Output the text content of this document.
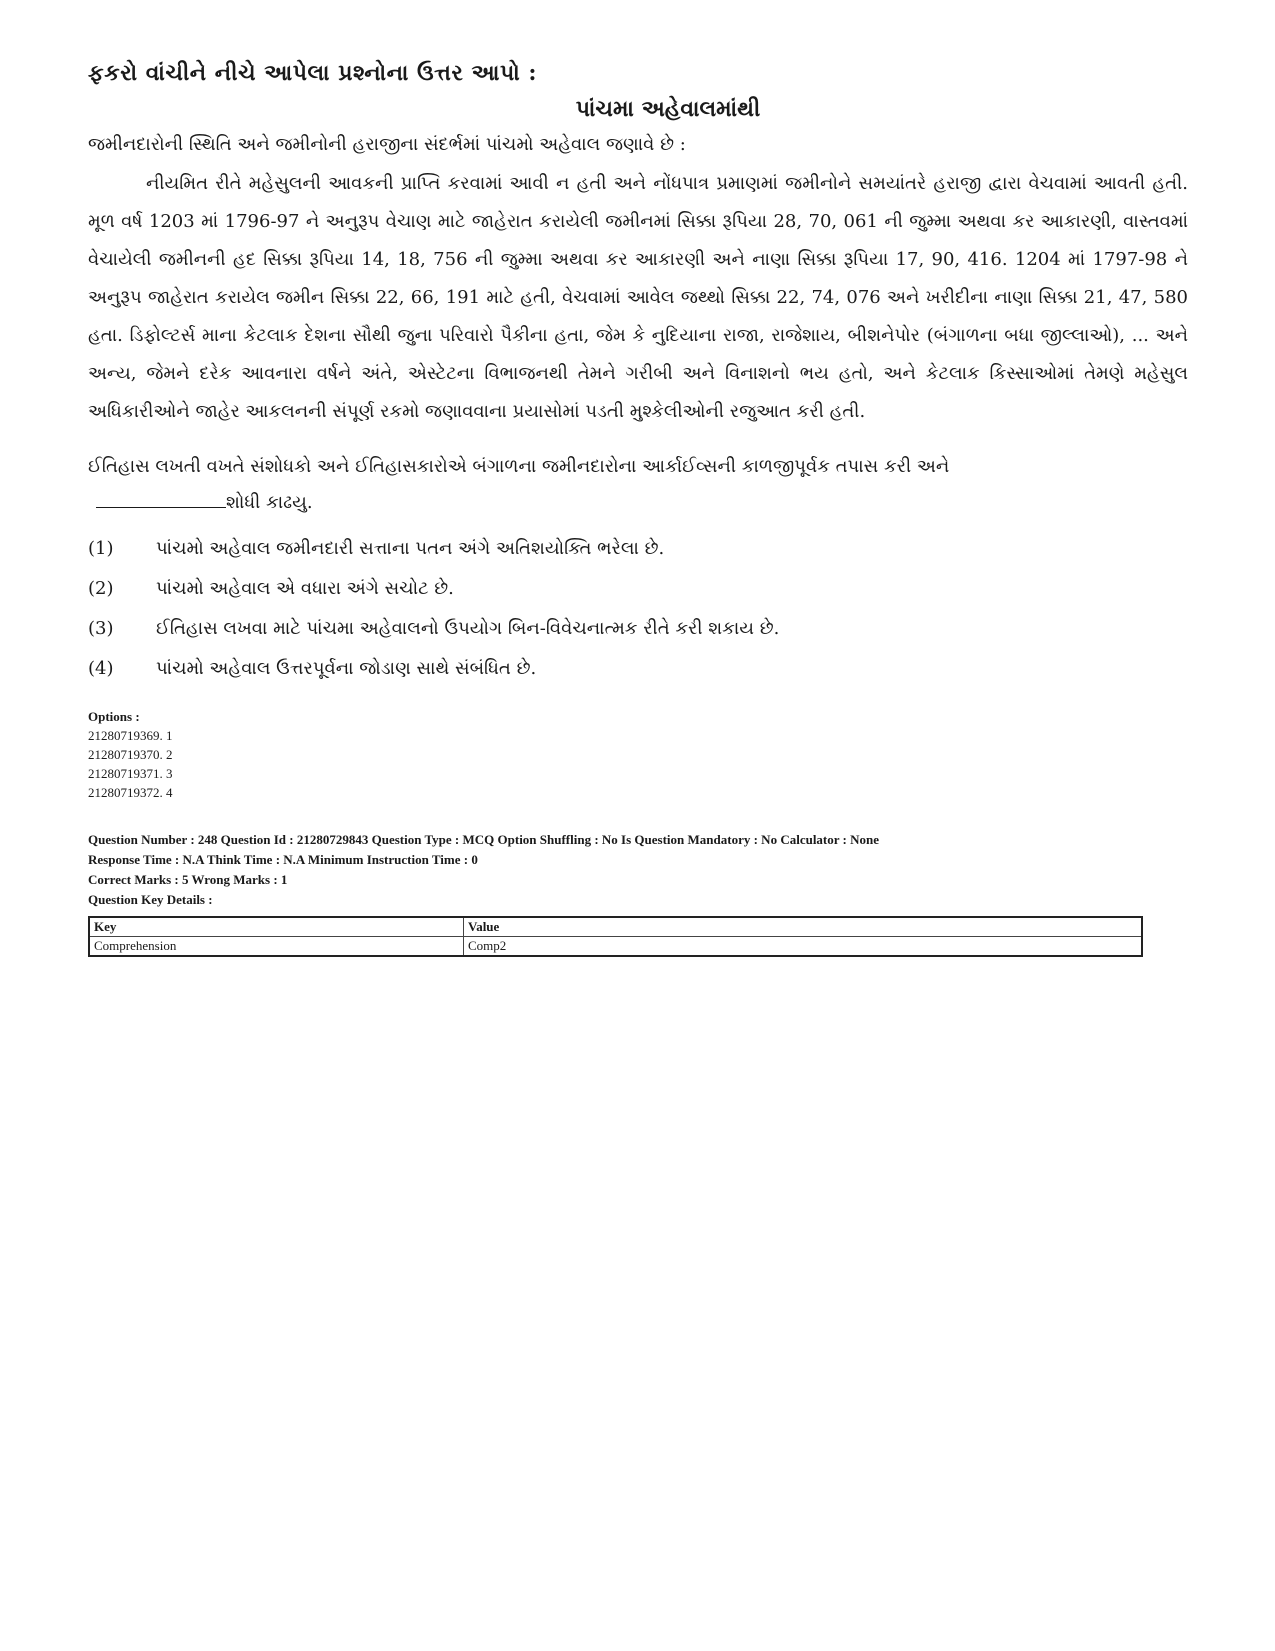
ફકરો વાંચીને નીચે આપેલા પ્રશ્નોના ઉત્તર આપો :

પાંચમા અહેવાલમાંથી

જમીનદારોની સ્થિતિ અને જમીનોની હરાજીના સંદર્ભમાં પાંચમો અહેવાલ જણાવે છે :

નીયમિત રીતે મહેસુલની આવકની પ્રાપ્તિ કરવામાં આવી ન હતી અને નોંધપાત્ર પ્રમાણમાં જમીનોને સમયાંતરે હરાજી દ્વારા વેચવામાં આવતી હતી. મૂળ વર્ષ 1203 માં 1796-97 ને અનુરૂપ વેચાણ માટે જાહેરાત કરાયેલી જમીનમાં સિક્કા રૂપિયા 28, 70, 061 ની જુમ્મા અથવા કર આકારણી, વાસ્તવમાં વેચાયેલી જમીનની હદ સિક્કા રૂપિયા 14, 18, 756 ની જુમ્મા અથવા કર આકારણી અને નાણા સિક્કા રૂપિયા 17, 90, 416. 1204 માં 1797-98 ને અનુરૂપ જાહેરાત કરાયેલ જમીન સિક્કા 22, 66, 191 માટે હતી, વેચવામાં આવેલ જથ્થો સિક્કા 22, 74, 076 અને ખરીદીના નાણા સિક્કા 21, 47, 580 હતા. ડિફોલ્ટર્સ માના કેટલાક દેશના સૌથી જુના પરિવારો પૈકીના હતા, જેમ કે નુદિયાના રાજા, રાજેશાય, બીશનેપોર (બંગાળના બધા જીલ્લાઓ), ... અને અન્ય, જેમને દરેક આવનારા વર્ષને અંતે, એસ્ટેટના વિભાજનથી તેમને ગરીબી અને વિનાશનો ભય હતો, અને કેટલાક કિસ્સાઓમાં તેમણે મહેસુલ અધિકારીઓને જાહેર આકલનની સંપૂર્ણ રકમો જણાવવાના પ્રયાસોમાં પડતી મુશ્કેલીઓની રજુઆત કરી હતી.

ઈતિહાસ લખતી વખતે સંશોધકો અને ઈતિહાસકારોએ બંગાળના જમીનદારોના આર્કાઈવ્સની કાળજીપૂર્વક તપાસ કરી અને
શોધી કાઢયુ.

(1)	પાંચમો અહેવાલ જમીનદારી સત્તાના પતન અંગે અતિશયોક્તિ ભરેલા છે.
(2)	પાંચમો અહેવાલ એ વધારા અંગે સચોટ છે.
(3)	ઈતિહાસ લખવા માટે પાંચમા અહેવાલનો ઉપયોગ બિન-વિવેચનાત્મક રીતે કરી શકાય છે.
(4)	પાંચમો અહેવાલ ઉત્તરપૂર્વના જોડાણ સાથે સંબંધિત છે.
Options :
21280719369. 1
21280719370. 2
21280719371. 3
21280719372. 4
Question Number : 248 Question Id : 21280729843 Question Type : MCQ Option Shuffling : No Is Question Mandatory : No Calculator : None
Response Time : N.A Think Time : N.A Minimum Instruction Time : 0
Correct Marks : 5 Wrong Marks : 1
Question Key Details :
Key	Value
Comprehension	Comp2
